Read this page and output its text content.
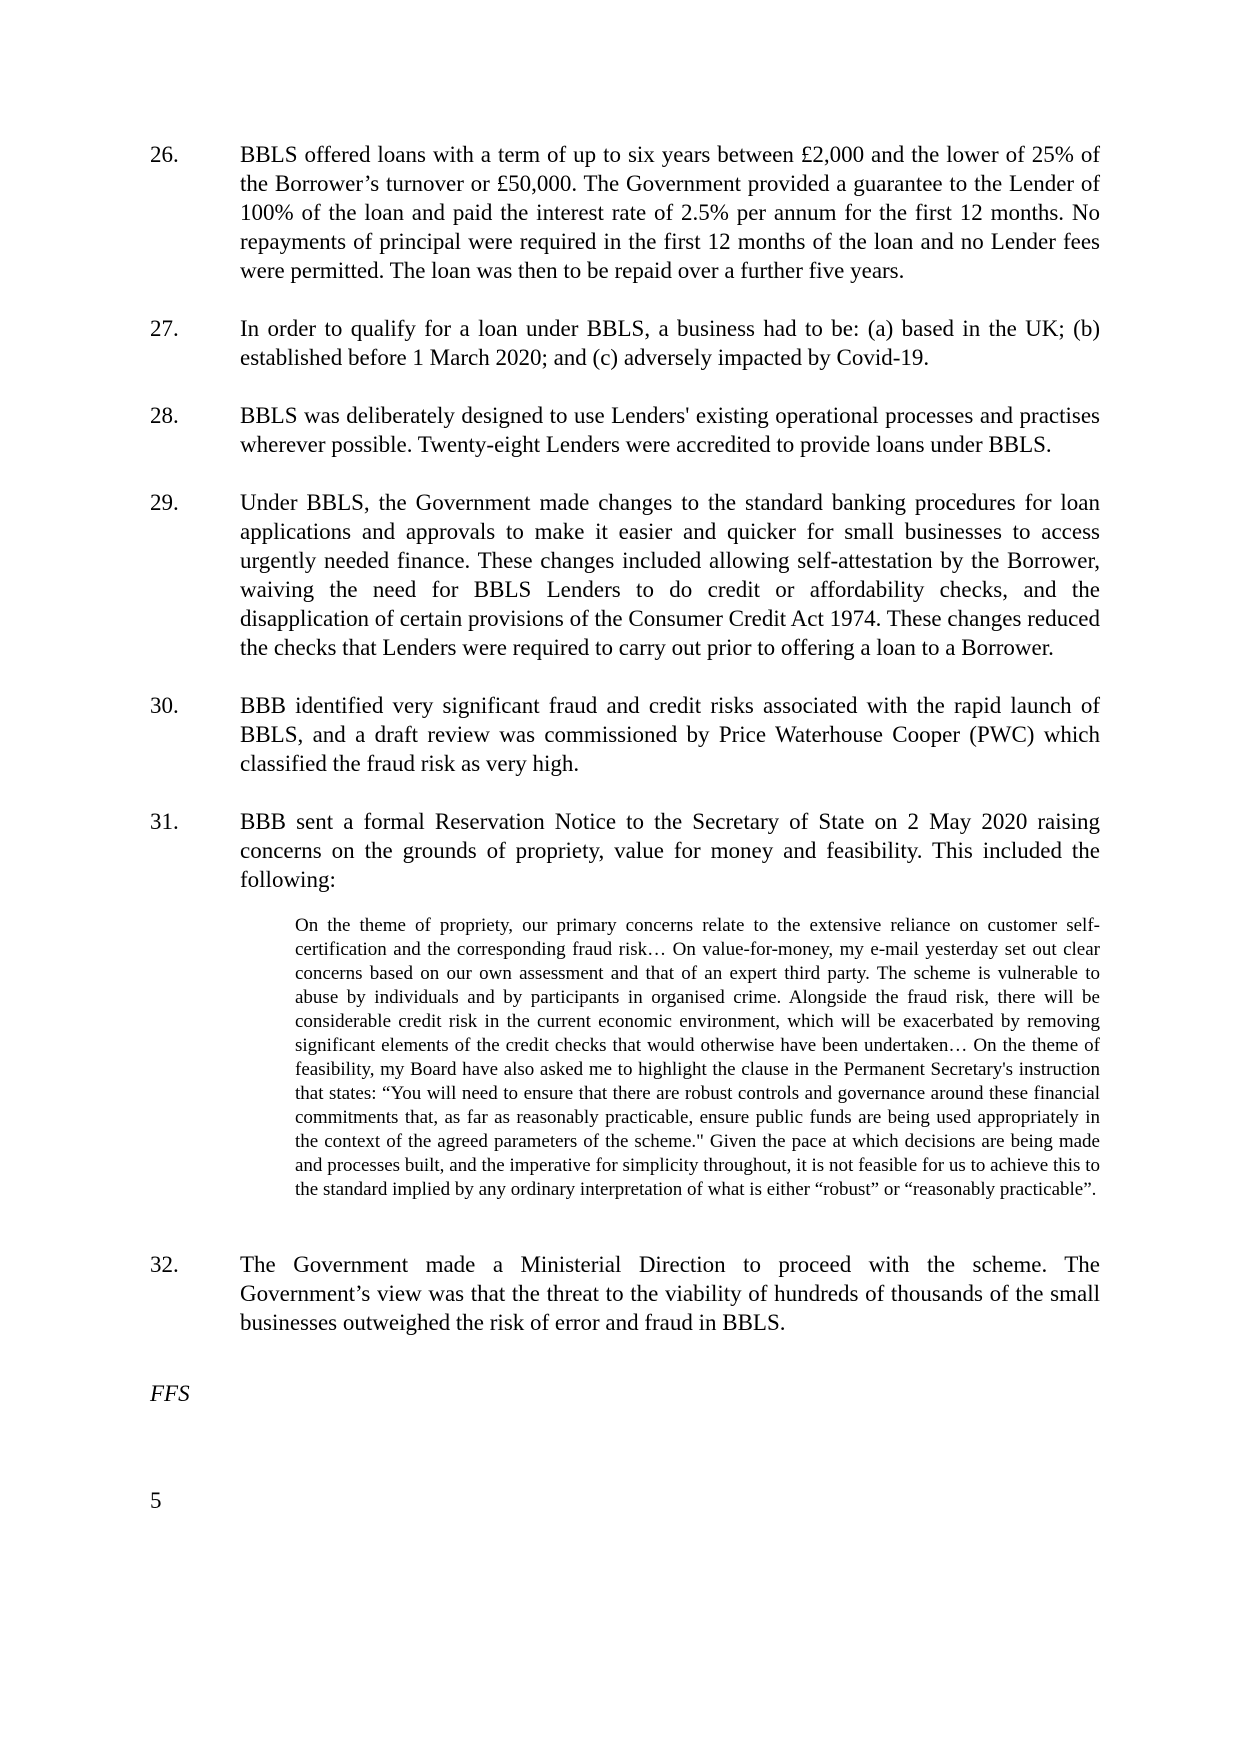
26.	BBLS offered loans with a term of up to six years between £2,000 and the lower of 25% of the Borrower’s turnover or £50,000. The Government provided a guarantee to the Lender of 100% of the loan and paid the interest rate of 2.5% per annum for the first 12 months. No repayments of principal were required in the first 12 months of the loan and no Lender fees were permitted. The loan was then to be repaid over a further five years.
27.	In order to qualify for a loan under BBLS, a business had to be: (a) based in the UK; (b) established before 1 March 2020; and (c) adversely impacted by Covid-19.
28.	BBLS was deliberately designed to use Lenders' existing operational processes and practises wherever possible. Twenty-eight Lenders were accredited to provide loans under BBLS.
29.	Under BBLS, the Government made changes to the standard banking procedures for loan applications and approvals to make it easier and quicker for small businesses to access urgently needed finance. These changes included allowing self-attestation by the Borrower, waiving the need for BBLS Lenders to do credit or affordability checks, and the disapplication of certain provisions of the Consumer Credit Act 1974. These changes reduced the checks that Lenders were required to carry out prior to offering a loan to a Borrower.
30.	BBB identified very significant fraud and credit risks associated with the rapid launch of BBLS, and a draft review was commissioned by Price Waterhouse Cooper (PWC) which classified the fraud risk as very high.
31.	BBB sent a formal Reservation Notice to the Secretary of State on 2 May 2020 raising concerns on the grounds of propriety, value for money and feasibility. This included the following:
On the theme of propriety, our primary concerns relate to the extensive reliance on customer self-certification and the corresponding fraud risk… On value-for-money, my e-mail yesterday set out clear concerns based on our own assessment and that of an expert third party. The scheme is vulnerable to abuse by individuals and by participants in organised crime. Alongside the fraud risk, there will be considerable credit risk in the current economic environment, which will be exacerbated by removing significant elements of the credit checks that would otherwise have been undertaken… On the theme of feasibility, my Board have also asked me to highlight the clause in the Permanent Secretary's instruction that states: “You will need to ensure that there are robust controls and governance around these financial commitments that, as far as reasonably practicable, ensure public funds are being used appropriately in the context of the agreed parameters of the scheme." Given the pace at which decisions are being made and processes built, and the imperative for simplicity throughout, it is not feasible for us to achieve this to the standard implied by any ordinary interpretation of what is either “robust” or “reasonably practicable”.
32.	The Government made a Ministerial Direction to proceed with the scheme. The Government’s view was that the threat to the viability of hundreds of thousands of the small businesses outweighed the risk of error and fraud in BBLS.
FFS
5
